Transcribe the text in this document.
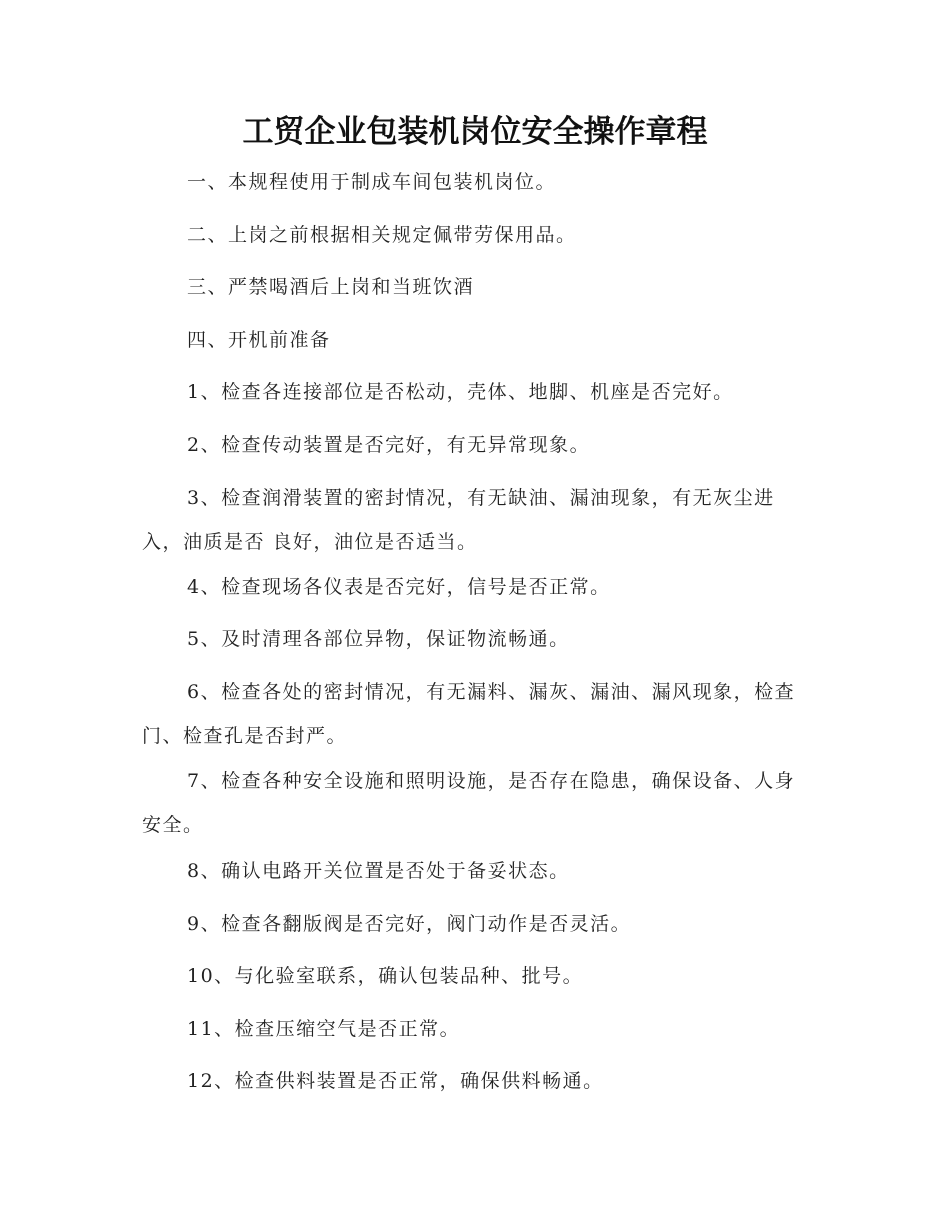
工贸企业包装机岗位安全操作章程

一、本规程使用于制成车间包装机岗位。

二、上岗之前根据相关规定佩带劳保用品。

三、严禁喝酒后上岗和当班饮酒

四、开机前准备

1、检查各连接部位是否松动，壳体、地脚、机座是否完好。

2、检查传动装置是否完好，有无异常现象。

3、检查润滑装置的密封情况，有无缺油、漏油现象，有无灰尘进入，油质是否 良好，油位是否适当。

4、检查现场各仪表是否完好，信号是否正常。

5、及时清理各部位异物，保证物流畅通。

6、检查各处的密封情况，有无漏料、漏灰、漏油、漏风现象，检查门、检查孔是否封严。

7、检查各种安全设施和照明设施，是否存在隐患，确保设备、人身安全。

8、确认电路开关位置是否处于备妥状态。

9、检查各翻版阀是否完好，阀门动作是否灵活。

10、与化验室联系，确认包装品种、批号。

11、检查压缩空气是否正常。

12、检查供料装置是否正常，确保供料畅通。
